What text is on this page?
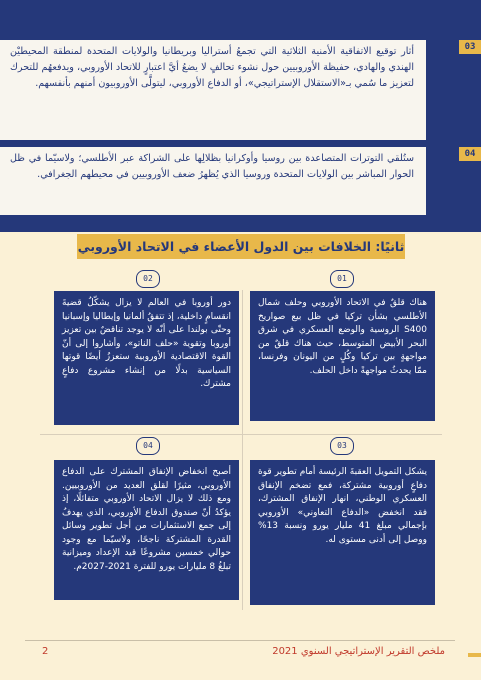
03
أثار توقيع الاتفاقية الأمنية الثلاثية التي تجمعُ أستراليا وبريطانيا والولايات المتحدة لمنطقة المحيطيْن الهندي والهادي، حفيظة الأوروبيين حول نشوء تحالفٍ لا يضعُ أيَّ اعتبارٍ للاتحاد الأوروبي، ويدفعهُم للتحرك لتعزيز ما سُمي بـ«الاستقلال الإستراتيجي»، أو الدفاع الأوروبي، ليتولَّى الأوروبيون أمنهم بأنفسهم.
04
ستُلقي التوترات المتصاعدة بين روسيا وأوكرانيا بظلالِها على الشراكة عبر الأطلسي؛ ولاسيّما في ظل الحوار المباشر بين الولايات المتحدة وروسيا الذي يُظهرُ ضعف الأوروبيين في محيطهم الجغرافي.
ثانيًا: الخلافات بين الدول الأعضاء في الاتحاد الأوروبي
01
02
03
04
هناك قلقٌ في الاتحاد الأوروبي وحلف شمال الأطلسي بشأن تركيا في ظل بيع صواريخ S400 الروسية والوضع العسكري في شرق البحر الأبيض المتوسط، حيث هناك قلقٌ من مواجهةٍ بين تركيا وكُلٍ من اليونان وفرنسا، ممّا يحدثُ مواجهةً داخل الحلف.
دور أوروبا في العالم لا يزال يشكّلُ قضيةَ انقسامٍ داخلية، إذ تتفقُ ألمانيا وإيطاليا وإسبانيا وحتّى بولندا على أنّه لا يوجد تناقضٌ بين تعزيز أوروبا وتقوية «حلف الناتو»، وأشاروا إلى أنّ القوة الاقتصادية الأوروبية ستعززُ أيضًا قوتها السياسية بدلًا من إنشاء مشروع دفاعٍ مشترك.
يشكل التمويل العقبةَ الرئيسة أمام تطوير قوة دفاعٍ أوروبية مشتركة، فمع تضخم الإنفاق العسكري الوطني، انهار الإنفاق المشترك، فقد انخفض «الدفاع التعاوني» الأوروبي بإجمالي مبلغ 41 مليار يورو ونسبة 13% ووصل إلى أدنى مستوى له.
أصبح انخفاض الإنفاق المشترك على الدفاع الأوروبي، مثيرًا لقلق العديد من الأوروبيين. ومع ذلك لا يزال الاتحاد الأوروبي متفائلًا، إذ يؤكدُ أنّ صندوق الدفاع الأوروبي، الذي يهدفُ إلى جمع الاستثمارات من أجل تطوير وسائل القدرة المشتركة ناجحًا، ولاسيّما مع وجود حوالي خمسين مشروعًا قيد الإعداد وميزانية تبلغُ 8 مليارات يورو للفترة 2021-2027م.
ملخص التقرير الإستراتيجي السنوي 2021
2
